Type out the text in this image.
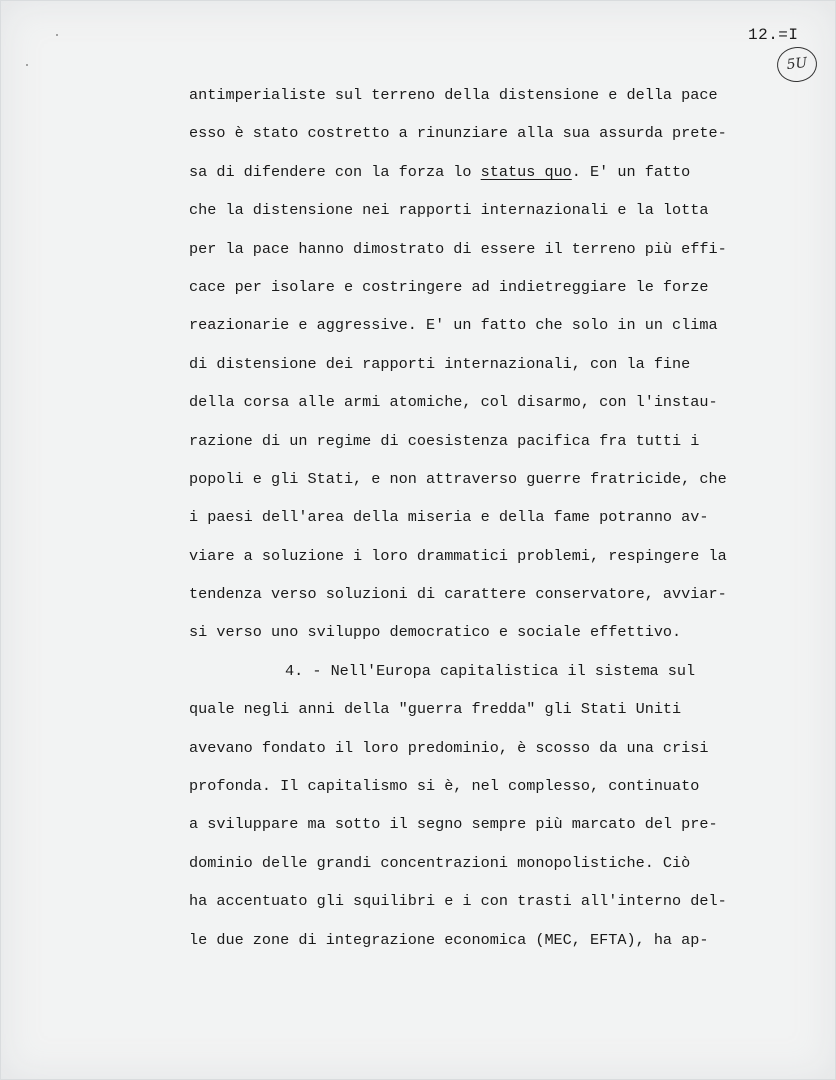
12.=I
5U
antimperialiste sul terreno della distensione e della pace
esso è stato costretto a rinunziare alla sua assurda prete-
sa di difendere con la forza lo status quo. E' un fatto
che la distensione nei rapporti internazionali e la lotta
per la pace hanno dimostrato di essere il terreno più effi-
cace per isolare e costringere ad indietreggiare le forze
reazionarie e aggressive. E' un fatto che solo in un clima
di distensione dei rapporti internazionali, con la fine
della corsa alle armi atomiche, col disarmo, con l'instau-
razione di un regime di coesistenza pacifica fra tutti i
popoli e gli Stati, e non attraverso guerre fratricide, che
i paesi dell'area della miseria e della fame potranno av-
viare a soluzione i loro drammatici problemi, respingere la
tendenza verso soluzioni di carattere conservatore, avviar-
si verso uno sviluppo democratico e sociale effettivo.
4. - Nell'Europa capitalistica il sistema sul
quale negli anni della "guerra fredda" gli Stati Uniti
avevano fondato il loro predominio, è scosso da una crisi
profonda. Il capitalismo si è, nel complesso, continuato
a sviluppare ma sotto il segno sempre più marcato del pre-
dominio delle grandi concentrazioni monopolistiche. Ciò
ha accentuato gli squilibri e i con trasti all'interno del-
le due zone di integrazione economica (MEC, EFTA), ha ap-
